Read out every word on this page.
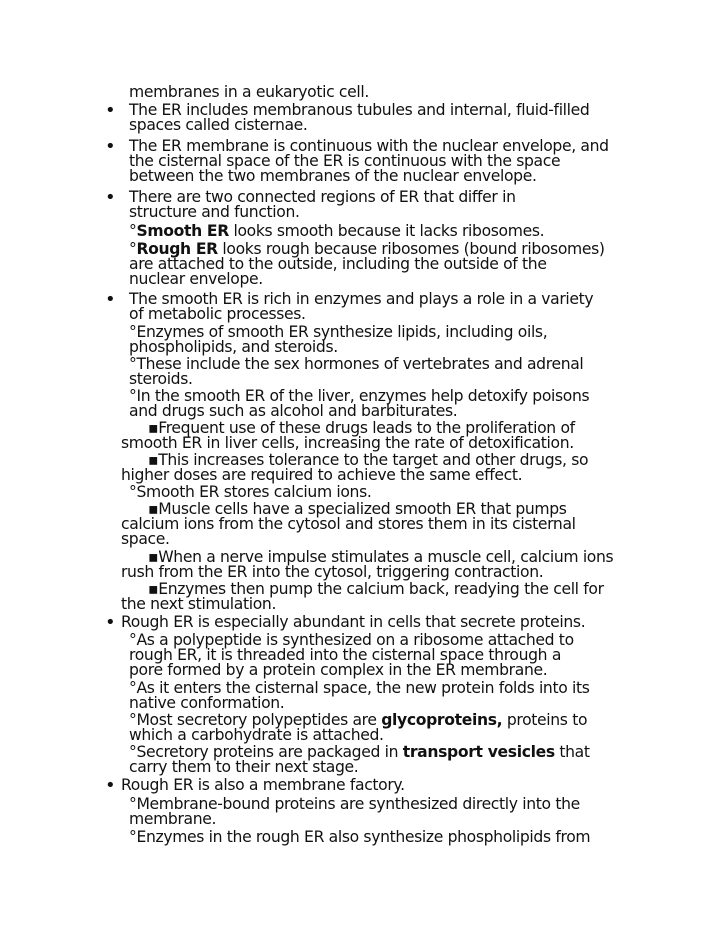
membranes in a eukaryotic cell.
• The ER includes membranous tubules and internal, fluid-filled
spaces called cisternae.
• The ER membrane is continuous with the nuclear envelope, and
the cisternal space of the ER is continuous with the space
between the two membranes of the nuclear envelope.
• There are two connected regions of ER that differ in
structure and function.
°Smooth ER looks smooth because it lacks ribosomes.
°Rough ER looks rough because ribosomes (bound ribosomes)
are attached to the outside, including the outside of the
nuclear envelope.
• The smooth ER is rich in enzymes and plays a role in a variety
of metabolic processes.
°Enzymes of smooth ER synthesize lipids, including oils,
phospholipids, and steroids.
°These include the sex hormones of vertebrates and adrenal
steroids.
°In the smooth ER of the liver, enzymes help detoxify poisons
and drugs such as alcohol and barbiturates.
▪Frequent use of these drugs leads to the proliferation of
smooth ER in liver cells, increasing the rate of detoxification.
▪This increases tolerance to the target and other drugs, so
higher doses are required to achieve the same effect.
°Smooth ER stores calcium ions.
▪Muscle cells have a specialized smooth ER that pumps
calcium ions from the cytosol and stores them in its cisternal
space.
▪When a nerve impulse stimulates a muscle cell, calcium ions
rush from the ER into the cytosol, triggering contraction.
▪Enzymes then pump the calcium back, readying the cell for
the next stimulation.
• Rough ER is especially abundant in cells that secrete proteins.
°As a polypeptide is synthesized on a ribosome attached to
rough ER, it is threaded into the cisternal space through a
pore formed by a protein complex in the ER membrane.
°As it enters the cisternal space, the new protein folds into its
native conformation.
°Most secretory polypeptides are glycoproteins, proteins to
which a carbohydrate is attached.
°Secretory proteins are packaged in transport vesicles that
carry them to their next stage.
• Rough ER is also a membrane factory.
°Membrane-bound proteins are synthesized directly into the
membrane.
°Enzymes in the rough ER also synthesize phospholipids from
